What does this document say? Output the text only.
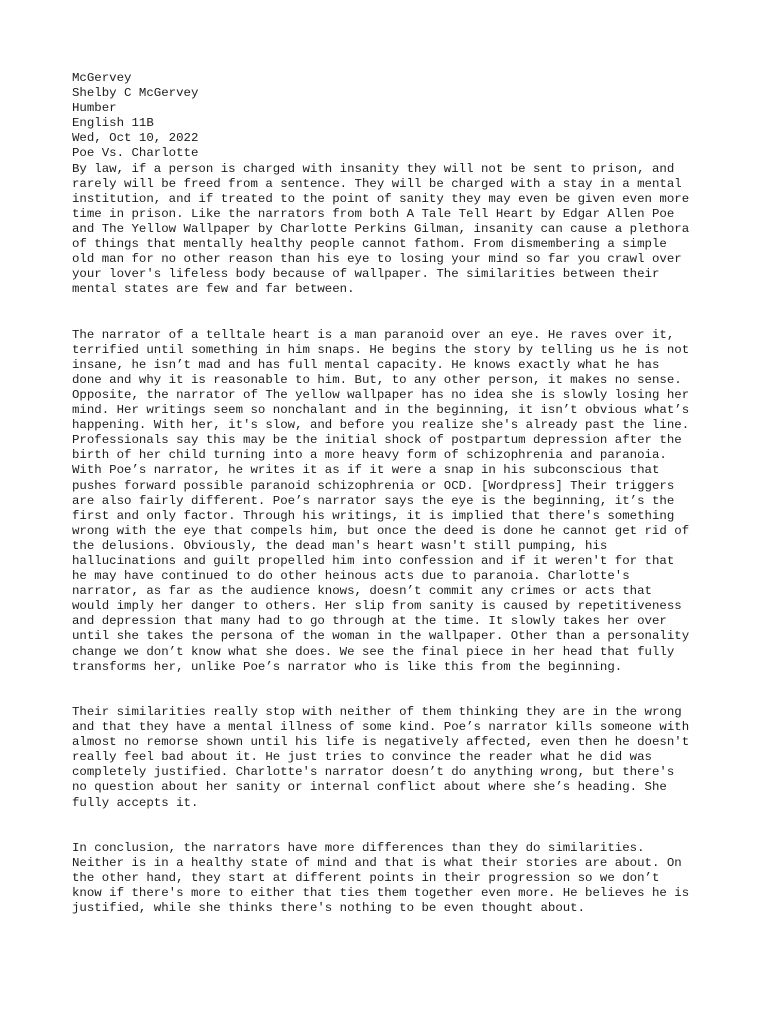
McGervey
Shelby C McGervey
Humber
English 11B
Wed, Oct 10, 2022
Poe Vs. Charlotte

By law, if a person is charged with insanity they will not be sent to prison, and
rarely will be freed from a sentence. They will be charged with a stay in a mental
institution, and if treated to the point of sanity they may even be given even more
time in prison. Like the narrators from both A Tale Tell Heart by Edgar Allen Poe
and The Yellow Wallpaper by Charlotte Perkins Gilman, insanity can cause a plethora
of things that mentally healthy people cannot fathom. From dismembering a simple
old man for no other reason than his eye to losing your mind so far you crawl over
your lover's lifeless body because of wallpaper. The similarities between their
mental states are few and far between.

The narrator of a telltale heart is a man paranoid over an eye. He raves over it,
terrified until something in him snaps. He begins the story by telling us he is not
insane, he isn’t mad and has full mental capacity. He knows exactly what he has
done and why it is reasonable to him. But, to any other person, it makes no sense.
Opposite, the narrator of The yellow wallpaper has no idea she is slowly losing her
mind. Her writings seem so nonchalant and in the beginning, it isn’t obvious what’s
happening. With her, it's slow, and before you realize she's already past the line.
Professionals say this may be the initial shock of postpartum depression after the
birth of her child turning into a more heavy form of schizophrenia and paranoia.
With Poe’s narrator, he writes it as if it were a snap in his subconscious that
pushes forward possible paranoid schizophrenia or OCD. [Wordpress] Their triggers
are also fairly different. Poe’s narrator says the eye is the beginning, it’s the
first and only factor. Through his writings, it is implied that there's something
wrong with the eye that compels him, but once the deed is done he cannot get rid of
the delusions. Obviously, the dead man's heart wasn't still pumping, his
hallucinations and guilt propelled him into confession and if it weren't for that
he may have continued to do other heinous acts due to paranoia. Charlotte's
narrator, as far as the audience knows, doesn’t commit any crimes or acts that
would imply her danger to others. Her slip from sanity is caused by repetitiveness
and depression that many had to go through at the time. It slowly takes her over
until she takes the persona of the woman in the wallpaper. Other than a personality
change we don’t know what she does. We see the final piece in her head that fully
transforms her, unlike Poe’s narrator who is like this from the beginning.

Their similarities really stop with neither of them thinking they are in the wrong
and that they have a mental illness of some kind. Poe’s narrator kills someone with
almost no remorse shown until his life is negatively affected, even then he doesn't
really feel bad about it. He just tries to convince the reader what he did was
completely justified. Charlotte's narrator doesn’t do anything wrong, but there's
no question about her sanity or internal conflict about where she’s heading. She
fully accepts it.

In conclusion, the narrators have more differences than they do similarities.
Neither is in a healthy state of mind and that is what their stories are about. On
the other hand, they start at different points in their progression so we don’t
know if there's more to either that ties them together even more. He believes he is
justified, while she thinks there's nothing to be even thought about.
